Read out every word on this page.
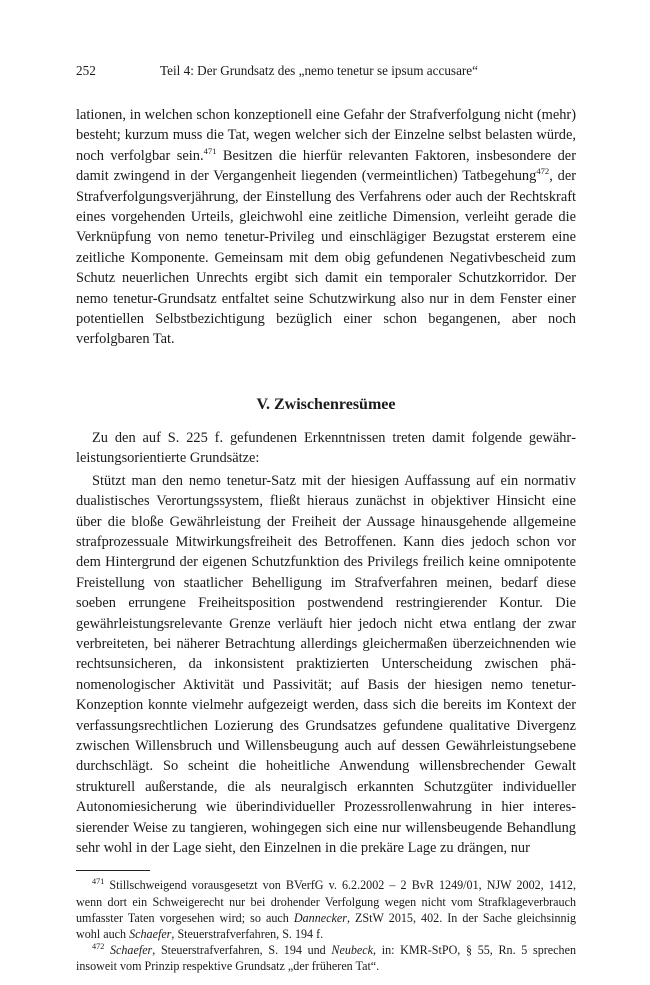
252	Teil 4: Der Grundsatz des „nemo tenetur se ipsum accusare“

lationen, in welchen schon konzeptionell eine Gefahr der Strafverfolgung nicht (mehr) besteht; kurzum muss die Tat, wegen welcher sich der Einzelne selbst belasten würde, noch verfolgbar sein.$^{471}$ Besitzen die hierfür relevanten Faktoren, insbesondere der damit zwingend in der Vergangenheit liegenden (vermeintlichen) Tatbegehung$^{472}$, der Strafverfolgungsverjährung, der Einstellung des Verfahrens oder auch der Rechtskraft eines vorgehenden Urteils, gleichwohl eine zeitliche Dimension, verleiht gerade die Verknüpfung von nemo tenetur-Privileg und einschlägiger Bezugstat ersterem eine zeitliche Komponente. Gemeinsam mit dem obig gefundenen Negativbescheid zum Schutz neuerlichen Unrechts ergibt sich damit ein temporaler Schutzkorridor. Der nemo tenetur-Grundsatz entfaltet seine Schutzwirkung also nur in dem Fenster einer potentiellen Selbstbezichtigung bezüglich einer schon begangenen, aber noch verfolgbaren Tat.

V. Zwischenresümee

Zu den auf S. 225 f. gefundenen Erkenntnissen treten damit folgende gewährleistungsorientierte Grundsätze:

Stützt man den nemo tenetur-Satz mit der hiesigen Auffassung auf ein normativ dualistisches Verortungssystem, fließt hieraus zunächst in objektiver Hinsicht eine über die bloße Gewährleistung der Freiheit der Aussage hinausgehende allgemeine strafprozessuale Mitwirkungsfreiheit des Betroffenen. Kann dies jedoch schon vor dem Hintergrund der eigenen Schutzfunktion des Privilegs freilich keine omnipotente Freistellung von staatlicher Behelligung im Strafverfahren meinen, bedarf diese soeben errungene Freiheitsposition postwendend restringierender Kontur. Die gewährleistungsrelevante Grenze verläuft hier jedoch nicht etwa entlang der zwar verbreiteten, bei näherer Betrachtung allerdings gleichermaßen überzeichnenden wie rechtsunsicheren, da inkonsistent praktizierten Unterscheidung zwischen phänomenologischer Aktivität und Passivität; auf Basis der hiesigen nemo tenetur-Konzeption konnte vielmehr aufgezeigt werden, dass sich die bereits im Kontext der verfassungsrechtlichen Lozierung des Grundsatzes gefundene qualitative Divergenz zwischen Willensbruch und Willensbeugung auch auf dessen Gewährleistungsebene durchschlägt. So scheint die hoheitliche Anwendung willensbrechender Gewalt strukturell außerstande, die als neuralgisch erkannten Schutzgüter individueller Autonomiesicherung wie überindividueller Prozessrollenwahrung in hier interessierender Weise zu tangieren, wohingegen sich eine nur willensbeugende Behandlung sehr wohl in der Lage sieht, den Einzelnen in die prekäre Lage zu drängen, nur

$^{471}$ Stillschweigend vorausgesetzt von BVerfG v. 6.2.2002 – 2 BvR 1249/01, NJW 2002, 1412, wenn dort ein Schweigerecht nur bei drohender Verfolgung wegen nicht vom Strafklageverbrauch umfasster Taten vorgesehen wird; so auch Dannecker, ZStW 2015, 402. In der Sache gleichsinnig wohl auch Schaefer, Steuerstrafverfahren, S. 194 f.

$^{472}$ Schaefer, Steuerstrafverfahren, S. 194 und Neubeck, in: KMR-StPO, § 55, Rn. 5 sprechen insoweit vom Prinzip respektive Grundsatz „der früheren Tat“.
